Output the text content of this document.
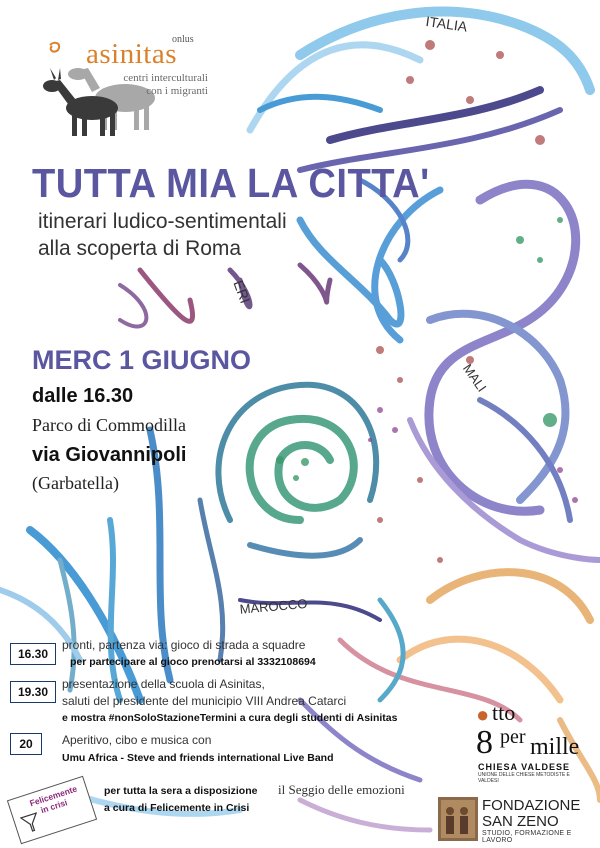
ITALIA
ERI
MALI
MAROCCO
onlus
asinitas
centri interculturali
con i migranti
TUTTA MIA LA CITTA'
itinerari ludico-sentimentali
alla scoperta di Roma
MERC 1 GIUGNO
dalle 16.30
Parco di Commodilla
via Giovannipoli
(Garbatella)
16.30
pronti, partenza via: gioco di strada a squadre
per partecipare al gioco prenotarsi al 3332108694
19.30
presentazione della scuola di Asinitas,
saluti del presidente del municipio VIII Andrea Catarci
e mostra #nonSoloStazioneTermini a cura degli studenti di Asinitas
20	Aperitivo, cibo e musica con
Umu Africa - Steve and friends international Live Band
per tutta la sera a disposizione il Seggio delle emozioni
a cura di Felicemente in Crisi
Felicemente in crisi
● tto
8 per mille
CHIESA VALDESE
UNIONE DELLE CHIESE METODISTE E VALDESI
FONDAZIONE
SAN ZENO
STUDIO, FORMAZIONE E LAVORO
